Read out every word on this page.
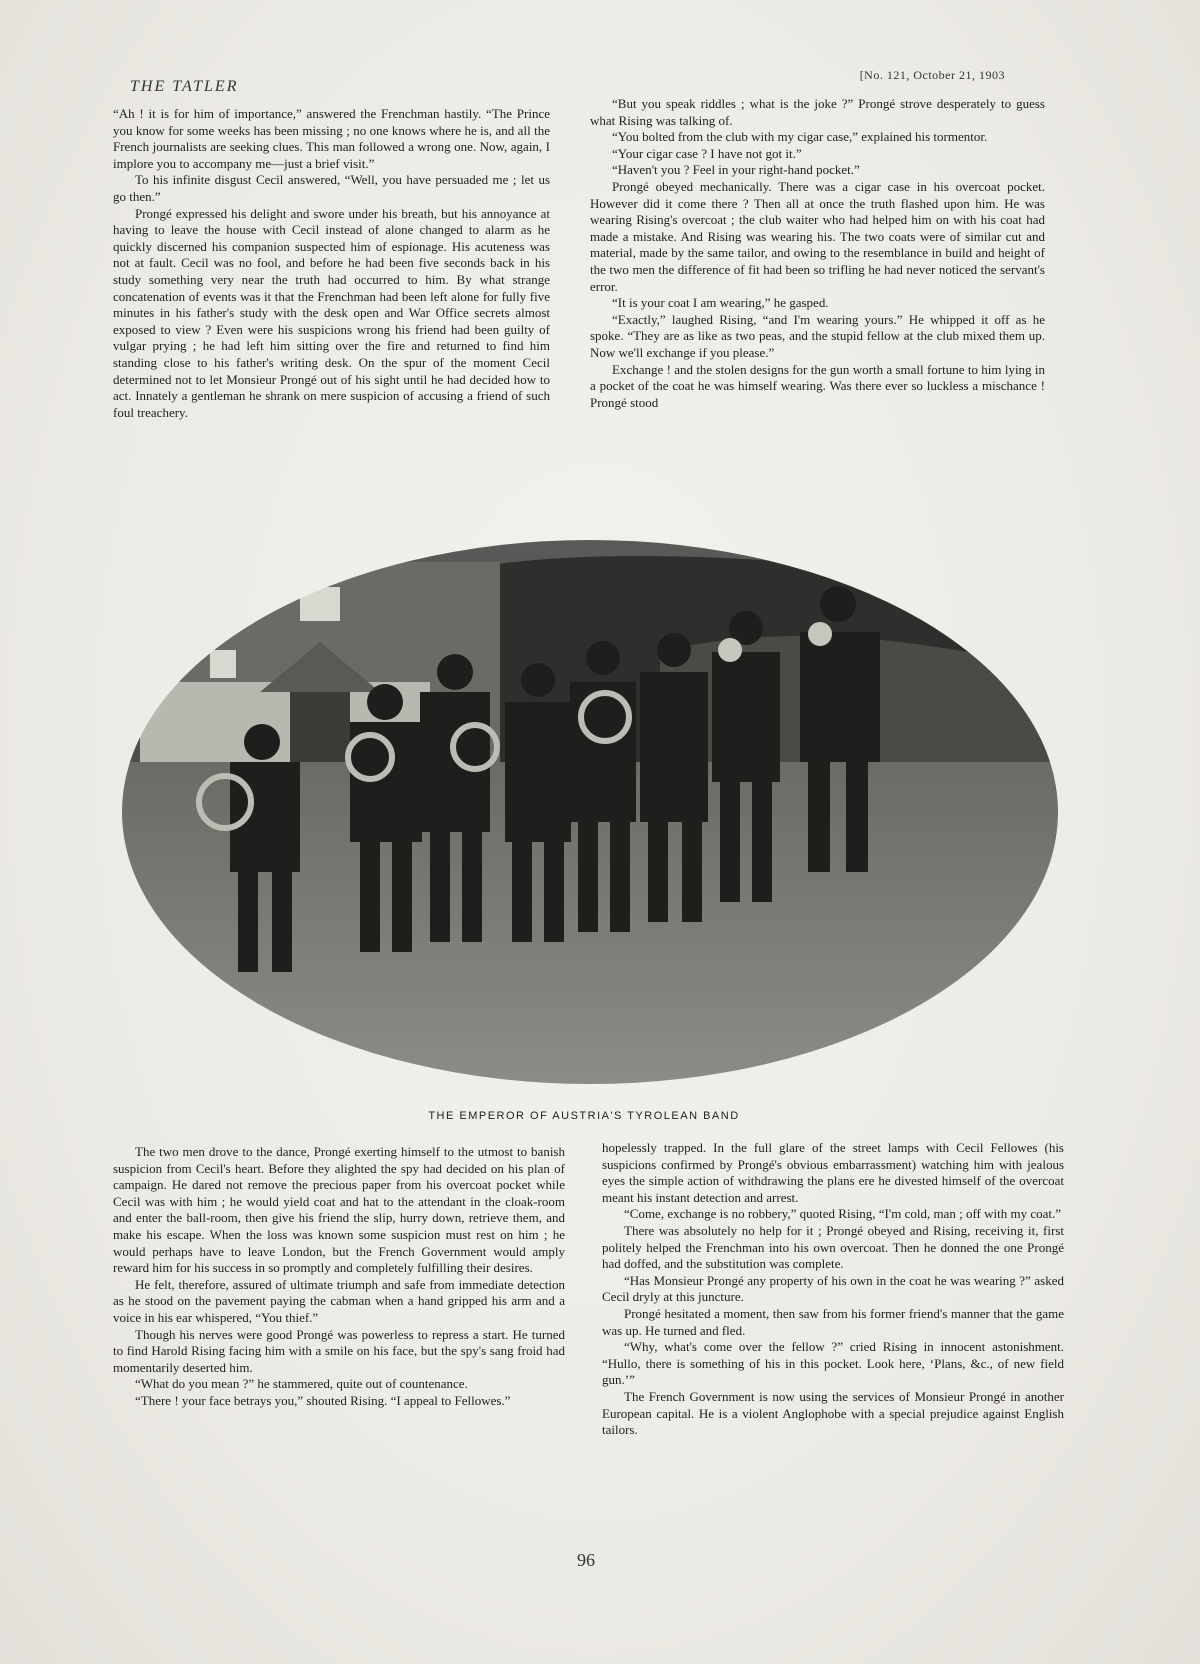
THE TATLER
[No. 121, October 21, 1903

“Ah ! it is for him of importance,” answered the Frenchman hastily. “The Prince you know for some weeks has been missing ; no one knows where he is, and all the French journalists are seeking clues. This man followed a wrong one. Now, again, I implore you to accompany me—just a brief visit.”

To his infinite disgust Cecil answered, “Well, you have persuaded me ; let us go then.”

Prongé expressed his delight and swore under his breath, but his annoyance at having to leave the house with Cecil instead of alone changed to alarm as he quickly discerned his companion suspected him of espionage. His acuteness was not at fault. Cecil was no fool, and before he had been five seconds back in his study something very near the truth had occurred to him. By what strange concatenation of events was it that the Frenchman had been left alone for fully five minutes in his father's study with the desk open and War Office secrets almost exposed to view ? Even were his suspicions wrong his friend had been guilty of vulgar prying ; he had left him sitting over the fire and returned to find him standing close to his father's writing desk. On the spur of the moment Cecil determined not to let Monsieur Prongé out of his sight until he had decided how to act. Innately a gentleman he shrank on mere suspicion of accusing a friend of such foul treachery.

“But you speak riddles ; what is the joke ?” Prongé strove desperately to guess what Rising was talking of.

“You bolted from the club with my cigar case,” explained his tormentor.

“Your cigar case ? I have not got it.”

“Haven't you ? Feel in your right-hand pocket.”

Prongé obeyed mechanically. There was a cigar case in his overcoat pocket. However did it come there ? Then all at once the truth flashed upon him. He was wearing Rising's overcoat ; the club waiter who had helped him on with his coat had made a mistake. And Rising was wearing his. The two coats were of similar cut and material, made by the same tailor, and owing to the resemblance in build and height of the two men the difference of fit had been so trifling he had never noticed the servant's error.

“It is your coat I am wearing,” he gasped.

“Exactly,” laughed Rising, “and I'm wearing yours.” He whipped it off as he spoke. “They are as like as two peas, and the stupid fellow at the club mixed them up. Now we'll exchange if you please.”

Exchange ! and the stolen designs for the gun worth a small fortune to him lying in a pocket of the coat he was himself wearing. Was there ever so luckless a mischance ! Prongé stood

THE EMPEROR OF AUSTRIA'S TYROLEAN BAND

The two men drove to the dance, Prongé exerting himself to the utmost to banish suspicion from Cecil's heart. Before they alighted the spy had decided on his plan of campaign. He dared not remove the precious paper from his overcoat pocket while Cecil was with him ; he would yield coat and hat to the attendant in the cloak-room and enter the ball-room, then give his friend the slip, hurry down, retrieve them, and make his escape. When the loss was known some suspicion must rest on him ; he would perhaps have to leave London, but the French Government would amply reward him for his success in so promptly and completely fulfilling their desires.

He felt, therefore, assured of ultimate triumph and safe from immediate detection as he stood on the pavement paying the cabman when a hand gripped his arm and a voice in his ear whispered, “You thief.”

Though his nerves were good Prongé was powerless to repress a start. He turned to find Harold Rising facing him with a smile on his face, but the spy's sang froid had momentarily deserted him.

“What do you mean ?” he stammered, quite out of countenance.

“There ! your face betrays you,” shouted Rising. “I appeal to Fellowes.”

hopelessly trapped. In the full glare of the street lamps with Cecil Fellowes (his suspicions confirmed by Prongé's obvious embarrassment) watching him with jealous eyes the simple action of withdrawing the plans ere he divested himself of the overcoat meant his instant detection and arrest.

“Come, exchange is no robbery,” quoted Rising, “I'm cold, man ; off with my coat.”

There was absolutely no help for it ; Prongé obeyed and Rising, receiving it, first politely helped the Frenchman into his own overcoat. Then he donned the one Prongé had doffed, and the substitution was complete.

“Has Monsieur Prongé any property of his own in the coat he was wearing ?” asked Cecil dryly at this juncture.

Prongé hesitated a moment, then saw from his former friend's manner that the game was up. He turned and fled.

“Why, what's come over the fellow ?” cried Rising in innocent astonishment. “Hullo, there is something of his in this pocket. Look here, ‘Plans, &c., of new field gun.’”

The French Government is now using the services of Monsieur Prongé in another European capital. He is a violent Anglophobe with a special prejudice against English tailors.

96
